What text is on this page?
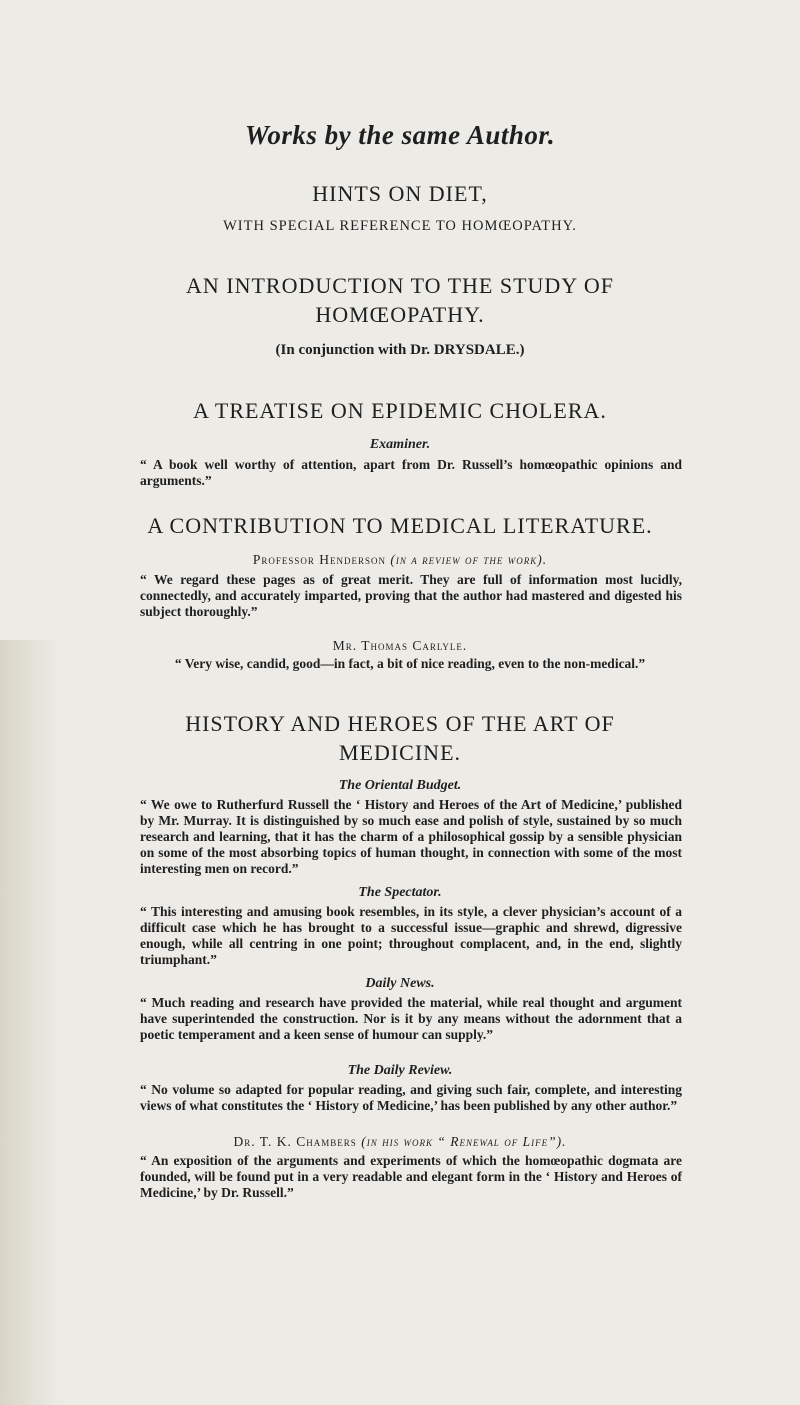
Works by the same Author.
HINTS ON DIET,
WITH SPECIAL REFERENCE TO HOMŒOPATHY.
AN INTRODUCTION TO THE STUDY OF
HOMŒOPATHY.
(In conjunction with Dr. DRYSDALE.)
A TREATISE ON EPIDEMIC CHOLERA.
Examiner.
“ A book well worthy of attention, apart from Dr. Russell’s homœopathic opinions and arguments.”
A CONTRIBUTION TO MEDICAL LITERATURE.
Professor Henderson (in a review of the work).
“ We regard these pages as of great merit. They are full of information most lucidly, connectedly, and accurately imparted, proving that the author had mastered and digested his subject thoroughly.”
Mr. Thomas Carlyle.
“ Very wise, candid, good—in fact, a bit of nice reading, even to the non-medical.”
HISTORY AND HEROES OF THE ART OF
MEDICINE.
The Oriental Budget.
“ We owe to Rutherfurd Russell the ‘ History and Heroes of the Art of Medicine,’ published by Mr. Murray. It is distinguished by so much ease and polish of style, sustained by so much research and learning, that it has the charm of a philosophical gossip by a sensible physician on some of the most absorbing topics of human thought, in connection with some of the most interesting men on record.”
The Spectator.
“ This interesting and amusing book resembles, in its style, a clever physician’s account of a difficult case which he has brought to a successful issue—graphic and shrewd, digressive enough, while all centring in one point; throughout complacent, and, in the end, slightly triumphant.”
Daily News.
“ Much reading and research have provided the material, while real thought and argument have superintended the construction. Nor is it by any means without the adornment that a poetic temperament and a keen sense of humour can supply.”
The Daily Review.
“ No volume so adapted for popular reading, and giving such fair, complete, and interesting views of what constitutes the ‘ History of Medicine,’ has been published by any other author.”
Dr. T. K. Chambers (in his work “ Renewal of Life”).
“ An exposition of the arguments and experiments of which the homœopathic dogmata are founded, will be found put in a very readable and elegant form in the ‘ History and Heroes of Medicine,’ by Dr. Russell.”
